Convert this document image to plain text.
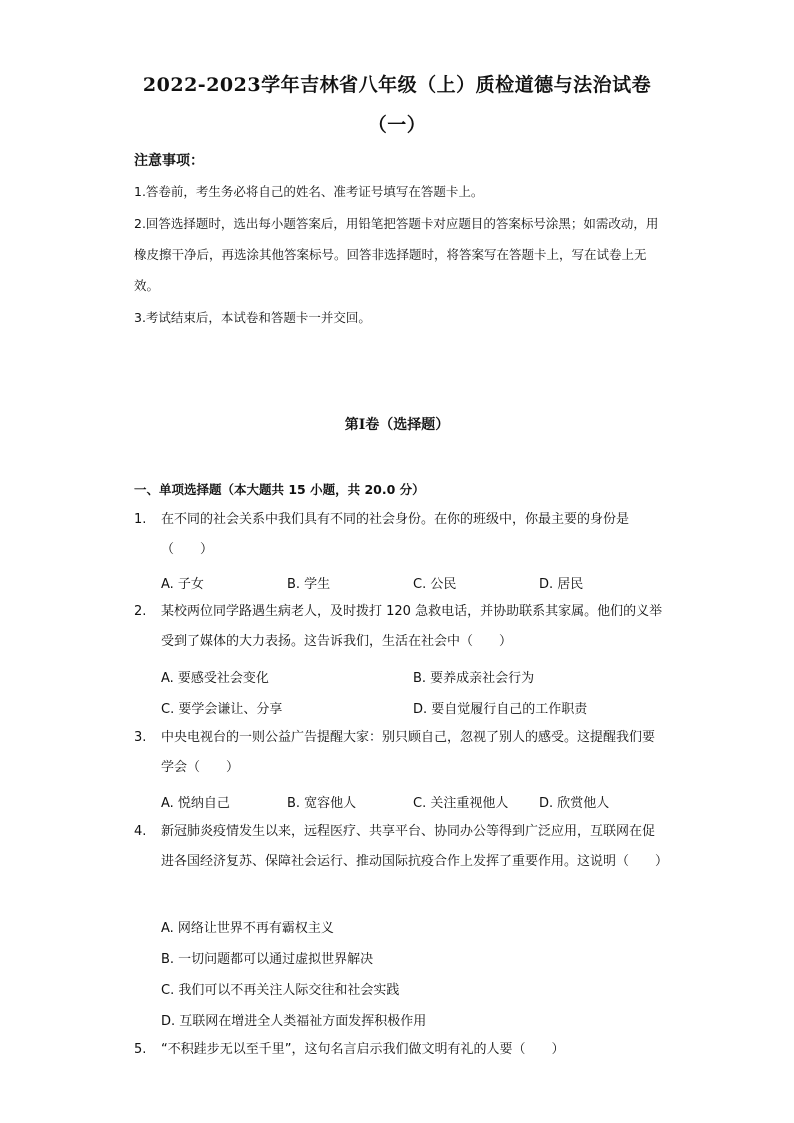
2022-2023学年吉林省八年级（上）质检道德与法治试卷
（一）
注意事项：
1.答卷前，考生务必将自己的姓名、准考证号填写在答题卡上。
2.回答选择题时，选出每小题答案后，用铅笔把答题卡对应题目的答案标号涂黑；如需改动，用橡皮擦干净后，再选涂其他答案标号。回答非选择题时，将答案写在答题卡上，写在试卷上无效。
3.考试结束后，本试卷和答题卡一并交回。
第Ⅰ卷（选择题）
一、单项选择题（本大题共 15 小题，共 20.0 分）
1.	在不同的社会关系中我们具有不同的社会身份。在你的班级中，你最主要的身份是（　　）
A. 子女	B. 学生	C. 公民	D. 居民
2.	某校两位同学路遇生病老人，及时拨打 120 急救电话，并协助联系其家属。他们的义举受到了媒体的大力表扬。这告诉我们，生活在社会中（　　）
A. 要感受社会变化	B. 要养成亲社会行为
C. 要学会谦让、分享	D. 要自觉履行自己的工作职责
3.	中央电视台的一则公益广告提醒大家：别只顾自己，忽视了别人的感受。这提醒我们要学会（　　）
A. 悦纳自己	B. 宽容他人	C. 关注重视他人 D. 欣赏他人
4.	新冠肺炎疫情发生以来，远程医疗、共享平台、协同办公等得到广泛应用，互联网在促进各国经济复苏、保障社会运行、推动国际抗疫合作上发挥了重要作用。这说明（　　）
A. 网络让世界不再有霸权主义
B. 一切问题都可以通过虚拟世界解决
C. 我们可以不再关注人际交往和社会实践
D. 互联网在增进全人类福祉方面发挥积极作用
5.	“不积跬步无以至千里”，这句名言启示我们做文明有礼的人要（　　）
